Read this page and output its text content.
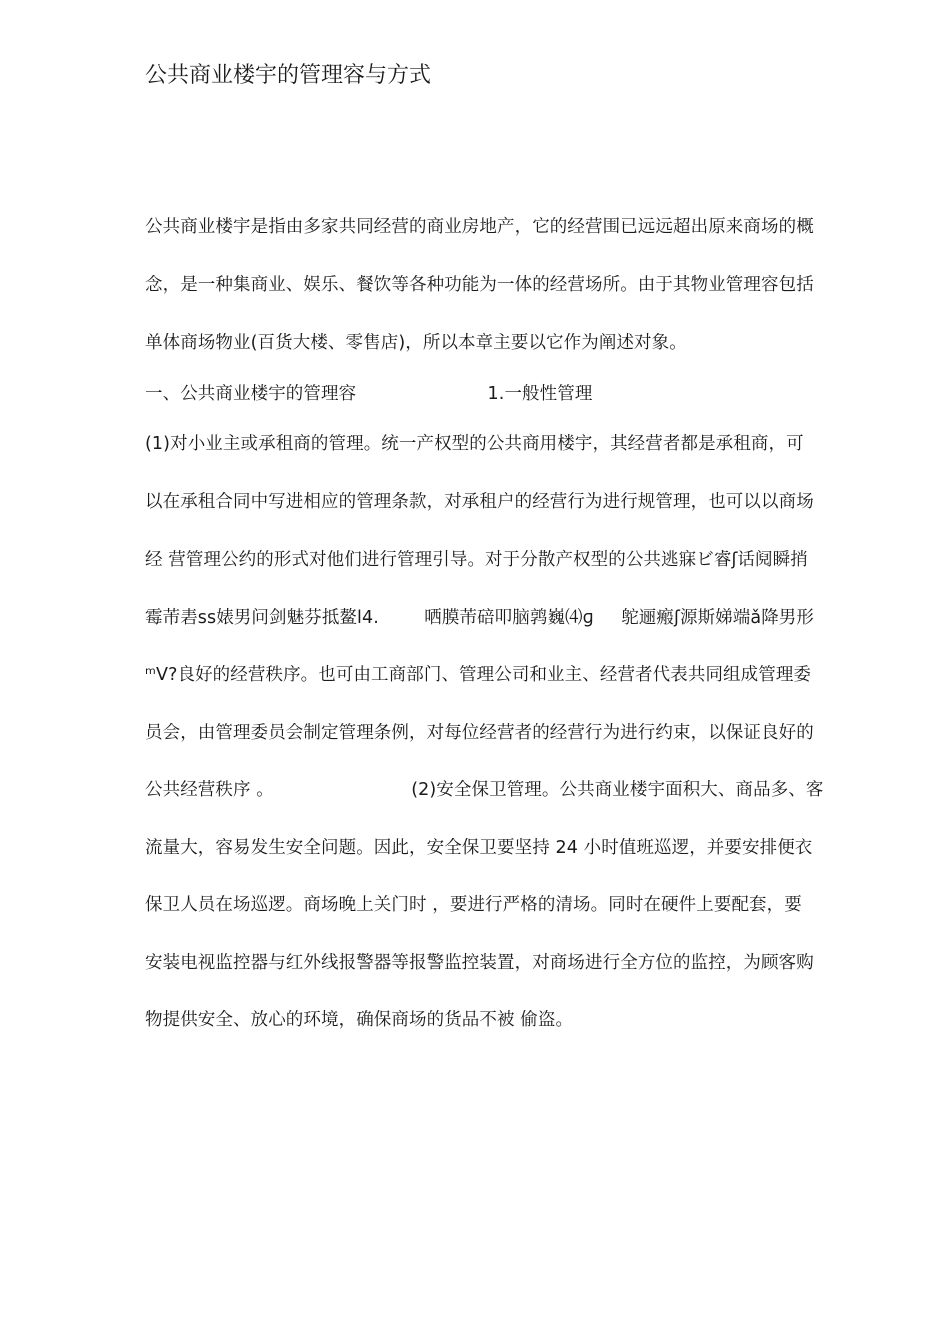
公共商业楼宇的管理容与方式
公共商业楼宇是指由多家共同经营的商业房地产，它的经营围已远远超出原来商场的概
念，是一种集商业、娱乐、餐饮等各种功能为一体的经营场所。由于其物业管理容包括
单体商场物业(百货大楼、零售店)，所以本章主要以它作为阐述对象。
一、公共商业楼宇的管理容	1.一般性管理
(1)对小业主或承租商的管理。统一产权型的公共商用楼宇，其经营者都是承租商，可
以在承租合同中写进相应的管理条款，对承租户的经营行为进行规管理，也可以以商场
经 营管理公约的形式对他们进行管理引导。对于分散产权型的公共逃寐ビ睿ʃ话阋瞬捎
霉芾砉ss婊男问剑魅芬抵鳌l4.	哂膜芾碚叩脑鹑巍⑷ɡ 鸵逦瘢ʃ源斯娣端ǎ降男形
ᵐⅤ?良好的经营秩序。也可由工商部门、管理公司和业主、经营者代表共同组成管理委
员会，由管理委员会制定管理条例，对每位经营者的经营行为进行约束，以保证良好的
公共经营秩序 。	(2)安全保卫管理。公共商业楼宇面积大、商品多、客
流量大，容易发生安全问题。因此，安全保卫要坚持 24 小时值班巡逻，并要安排便衣
保卫人员在场巡逻。商场晚上关门时 ，要进行严格的清场。同时在硬件上要配套，要
安装电视监控器与红外线报警器等报警监控装置，对商场进行全方位的监控，为顾客购
物提供安全、放心的环境，确保商场的货品不被 偷盗。
